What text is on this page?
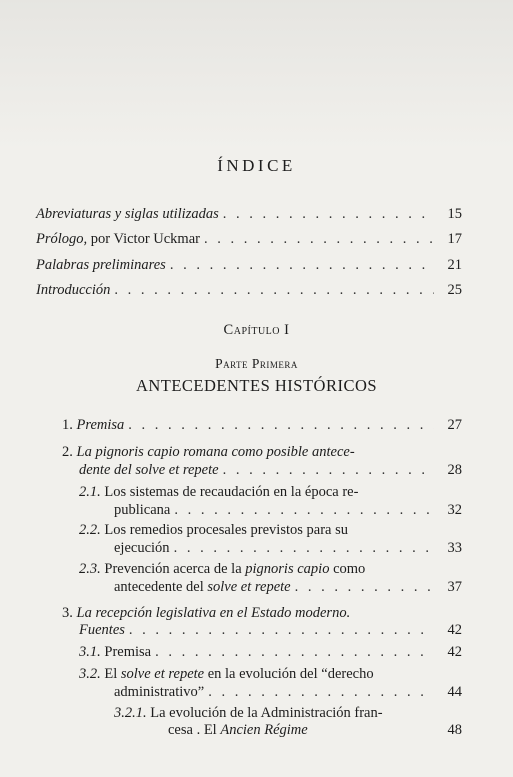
ÍNDICE
Abreviaturas y siglas utilizadas . . .	15
Prólogo, por Victor Uckmar . . .	17
Palabras preliminares . . .	21
Introducción . . .	25
Capítulo I
Parte Primera
ANTECEDENTES HISTÓRICOS
1. Premisa . . .	27
2. La pignoris capio romana como posible antece-
dente del solve et repete . . .	28
2.1. Los sistemas de recaudación en la época re-
publicana . . .	32
2.2. Los remedios procesales previstos para su
ejecución . . .	33
2.3. Prevención acerca de la pignoris capio como
antecedente del solve et repete . . .	37
3. La recepción legislativa en el Estado moderno.
Fuentes . . .	42
3.1. Premisa . . .	42
3.2. El solve et repete en la evolución del “derecho
administrativo” . . .	44
3.2.1. La evolución de la Administración fran-
cesa . El Ancien Régime	48
